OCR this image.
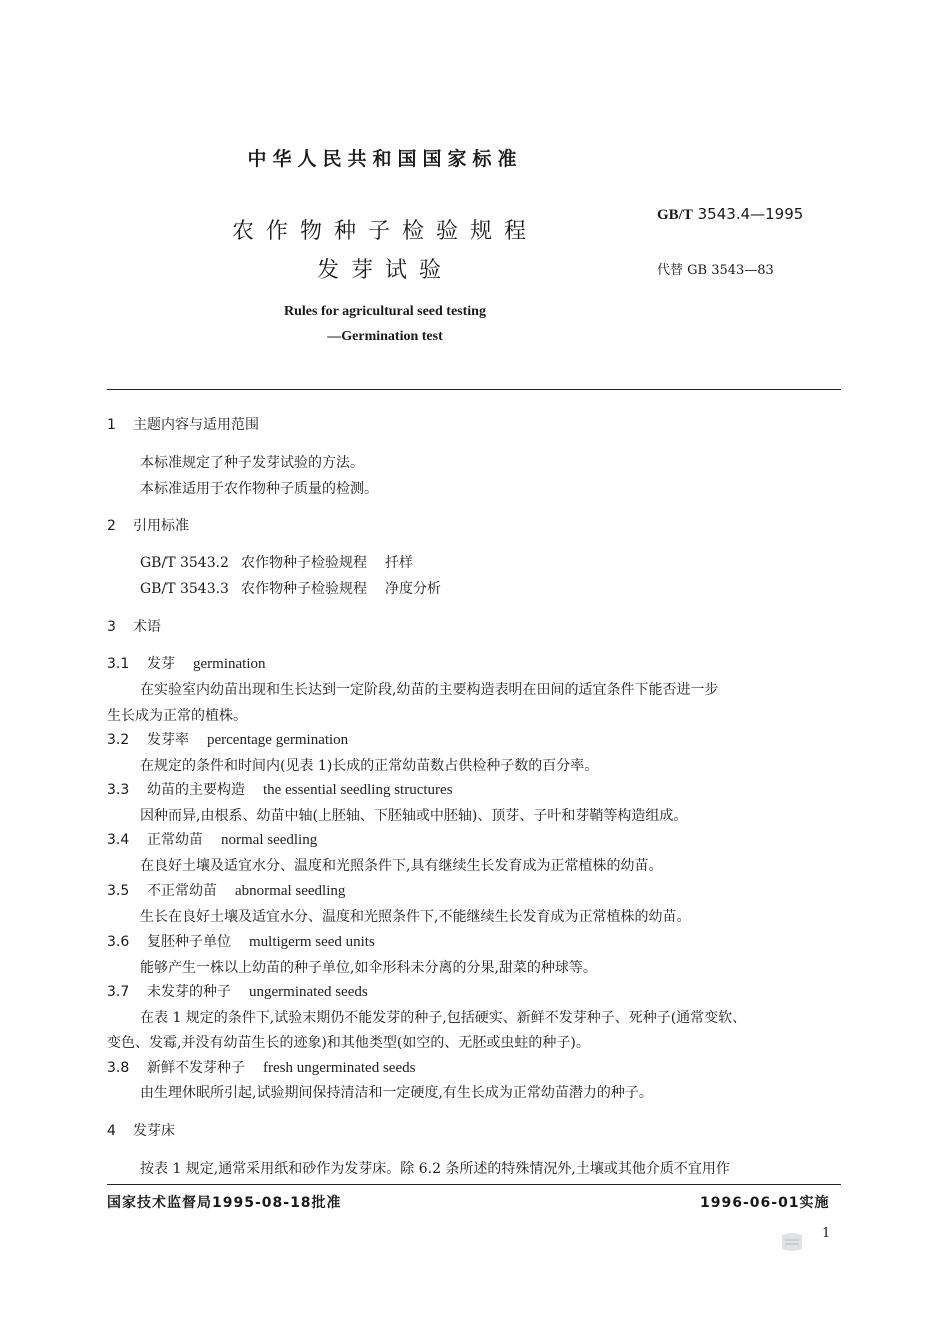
中华人民共和国国家标准
农作物种子检验规程
发芽试验
GB/T 3543.4—1995
代替 GB 3543—83
Rules for agricultural seed testing
—Germination test
1 主题内容与适用范围
本标准规定了种子发芽试验的方法。
本标准适用于农作物种子质量的检测。
2 引用标准
GB/T 3543.2 农作物种子检验规程 扦样
GB/T 3543.3 农作物种子检验规程 净度分析
3 术语
3.1 发芽 germination
在实验室内幼苗出现和生长达到一定阶段,幼苗的主要构造表明在田间的适宜条件下能否进一步
生长成为正常的植株。
3.2 发芽率 percentage germination
在规定的条件和时间内(见表 1)长成的正常幼苗数占供检种子数的百分率。
3.3 幼苗的主要构造 the essential seedling structures
因种而异,由根系、幼苗中轴(上胚轴、下胚轴或中胚轴)、顶芽、子叶和芽鞘等构造组成。
3.4 正常幼苗 normal seedling
在良好土壤及适宜水分、温度和光照条件下,具有继续生长发育成为正常植株的幼苗。
3.5 不正常幼苗 abnormal seedling
生长在良好土壤及适宜水分、温度和光照条件下,不能继续生长发育成为正常植株的幼苗。
3.6 复胚种子单位 multigerm seed units
能够产生一株以上幼苗的种子单位,如伞形科未分离的分果,甜菜的种球等。
3.7 未发芽的种子 ungerminated seeds
在表 1 规定的条件下,试验末期仍不能发芽的种子,包括硬实、新鲜不发芽种子、死种子(通常变软、
变色、发霉,并没有幼苗生长的迹象)和其他类型(如空的、无胚或虫蛀的种子)。
3.8 新鲜不发芽种子 fresh ungerminated seeds
由生理休眠所引起,试验期间保持清洁和一定硬度,有生长成为正常幼苗潜力的种子。
4 发芽床
按表 1 规定,通常采用纸和砂作为发芽床。除 6.2 条所述的特殊情况外,土壤或其他介质不宜用作
国家技术监督局1995-08-18批准	1996-06-01实施
1
